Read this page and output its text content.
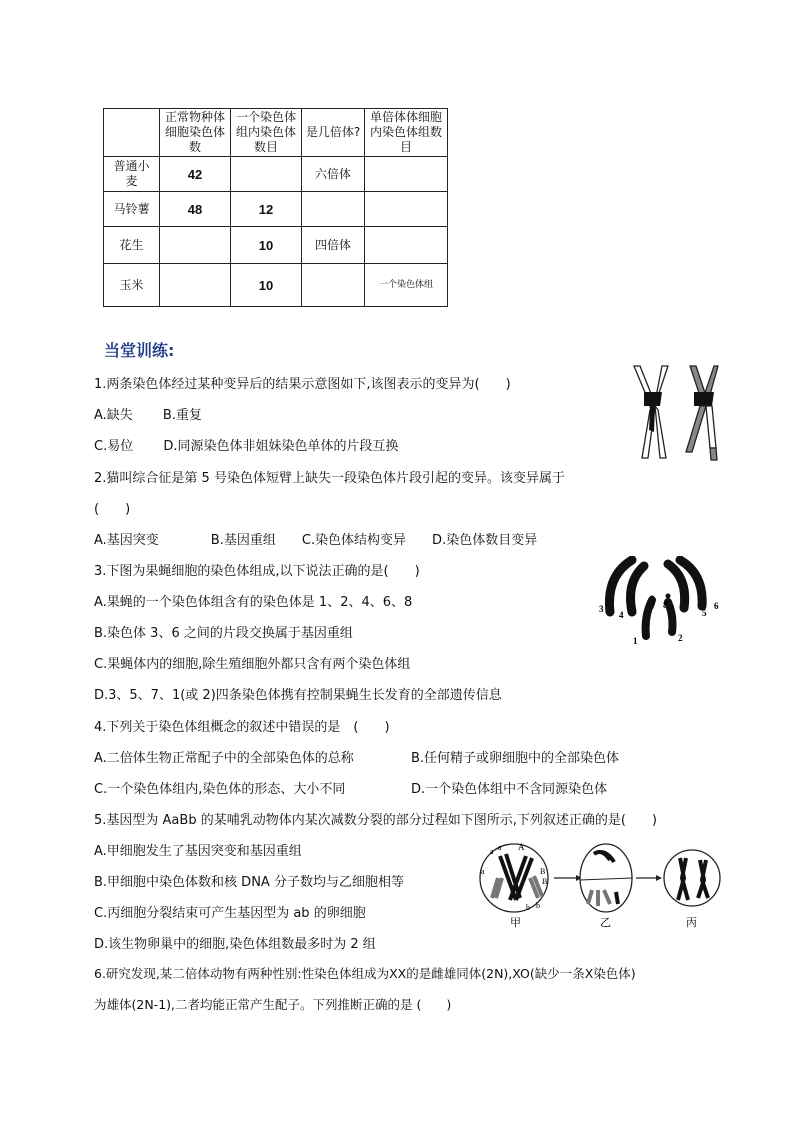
	正常物种体细胞染色体数	一个染色体组内染色体数目	是几倍体?	单倍体体细胞内染色体组数目
普通小麦	42		六倍体	
马铃薯	48	12		
花生		10	四倍体	
玉米		10		一个染色体组
当堂训练:
1.两条染色体经过某种变异后的结果示意图如下,该图表示的变异为(　　)
A.缺失　　 B.重复
C.易位　　 D.同源染色体非姐妹染色单体的片段互换
2.猫叫综合征是第 5 号染色体短臂上缺失一段染色体片段引起的变异。该变异属于
(　　)
A.基因突变　　　　B.基因重组　　C.染色体结构变异　　D.染色体数目变异
3.下图为果蝇细胞的染色体组成,以下说法正确的是(　　)
A.果蝇的一个染色体组含有的染色体是 1、2、4、6、8
B.染色体 3、6 之间的片段交换属于基因重组
C.果蝇体内的细胞,除生殖细胞外都只含有两个染色体组
D.3、5、7、1(或 2)四条染色体携有控制果蝇生长发育的全部遗传信息
3
4
7 8
5
6
1	2
4.下列关于染色体组概念的叙述中错误的是　(　　)
A.二倍体生物正常配子中的全部染色体的总称	B.任何精子或卵细胞中的全部染色体
C.一个染色体组内,染色体的形态、大小不同	D.一个染色体组中不含同源染色体
5.基因型为 AaBb 的某哺乳动物体内某次减数分裂的部分过程如下图所示,下列叙述正确的是(　　)
A.甲细胞发生了基因突变和基因重组
B.甲细胞中染色体数和核 DNA 分子数均与乙细胞相等
C.丙细胞分裂结束可产生基因型为 ab 的卵细胞
D.该生物卵巢中的细胞,染色体组数最多时为 2 组
a a A
a	B
B
b b
甲	乙	丙
6.研究发现,某二倍体动物有两种性别:性染色体组成为XX的是雌雄同体(2N),XO(缺少一条X染色体)
为雄体(2N-1),二者均能正常产生配子。下列推断正确的是 (　　)
